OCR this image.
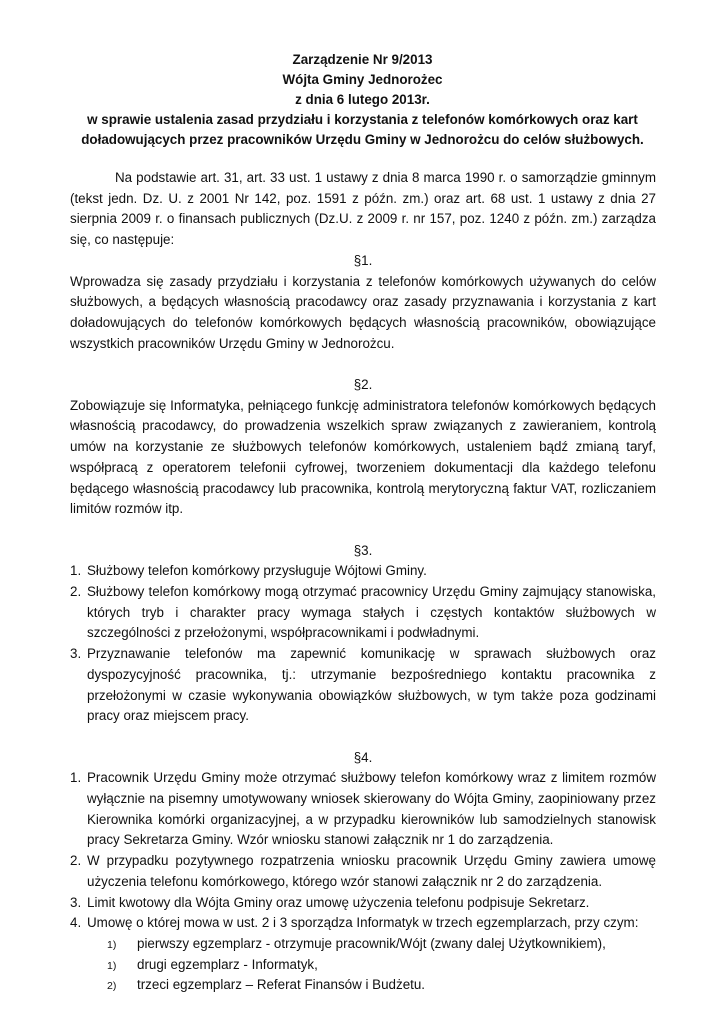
Zarządzenie Nr 9/2013
Wójta Gminy Jednorożec
z dnia 6 lutego 2013r.
w sprawie ustalenia zasad przydziału i korzystania z telefonów komórkowych oraz kart
doładowujących przez pracowników Urzędu Gminy w Jednorożcu do celów służbowych.

Na podstawie art. 31, art. 33 ust. 1 ustawy z dnia 8 marca 1990 r. o samorządzie gminnym (tekst jedn. Dz. U. z 2001 Nr 142, poz. 1591 z późn. zm.) oraz art. 68 ust. 1 ustawy z dnia 27 sierpnia 2009 r. o finansach publicznych (Dz.U. z 2009 r. nr 157, poz. 1240 z późn. zm.) zarządza się, co następuje:

§1.

Wprowadza się zasady przydziału i korzystania z telefonów komórkowych używanych do celów służbowych, a będących własnością pracodawcy oraz zasady przyznawania i korzystania z kart doładowujących do telefonów komórkowych będących własnością pracowników, obowiązujące wszystkich pracowników Urzędu Gminy w Jednorożcu.

§2.

Zobowiązuje się Informatyka, pełniącego funkcję administratora telefonów komórkowych będących własnością pracodawcy, do prowadzenia wszelkich spraw związanych z zawieraniem, kontrolą umów na korzystanie ze służbowych telefonów komórkowych, ustaleniem bądź zmianą taryf, współpracą z operatorem telefonii cyfrowej, tworzeniem dokumentacji dla każdego telefonu będącego własnością pracodawcy lub pracownika, kontrolą merytoryczną faktur VAT, rozliczaniem limitów rozmów itp.

§3.

1. Służbowy telefon komórkowy przysługuje Wójtowi Gminy.
2. Służbowy telefon komórkowy mogą otrzymać pracownicy Urzędu Gminy zajmujący stanowiska, których tryb i charakter pracy wymaga stałych i częstych kontaktów służbowych w szczególności z przełożonymi, współpracownikami i podwładnymi.
3. Przyznawanie telefonów ma zapewnić komunikację w sprawach służbowych oraz dyspozycyjność pracownika, tj.: utrzymanie bezpośredniego kontaktu pracownika z przełożonymi w czasie wykonywania obowiązków służbowych, w tym także poza godzinami pracy oraz miejscem pracy.

§4.

1. Pracownik Urzędu Gminy może otrzymać służbowy telefon komórkowy wraz z limitem rozmów wyłącznie na pisemny umotywowany wniosek skierowany do Wójta Gminy, zaopiniowany przez Kierownika komórki organizacyjnej, a w przypadku kierowników lub samodzielnych stanowisk pracy Sekretarza Gminy. Wzór wniosku stanowi załącznik nr 1 do zarządzenia.
2. W przypadku pozytywnego rozpatrzenia wniosku pracownik Urzędu Gminy zawiera umowę użyczenia telefonu komórkowego, którego wzór stanowi załącznik nr 2 do zarządzenia.
3. Limit kwotowy dla Wójta Gminy oraz umowę użyczenia telefonu podpisuje Sekretarz.
4. Umowę o której mowa w ust. 2 i 3 sporządza Informatyk w trzech egzemplarzach, przy czym:
1) pierwszy egzemplarz - otrzymuje pracownik/Wójt (zwany dalej Użytkownikiem),
1) drugi egzemplarz - Informatyk,
2) trzeci egzemplarz – Referat Finansów i Budżetu.
